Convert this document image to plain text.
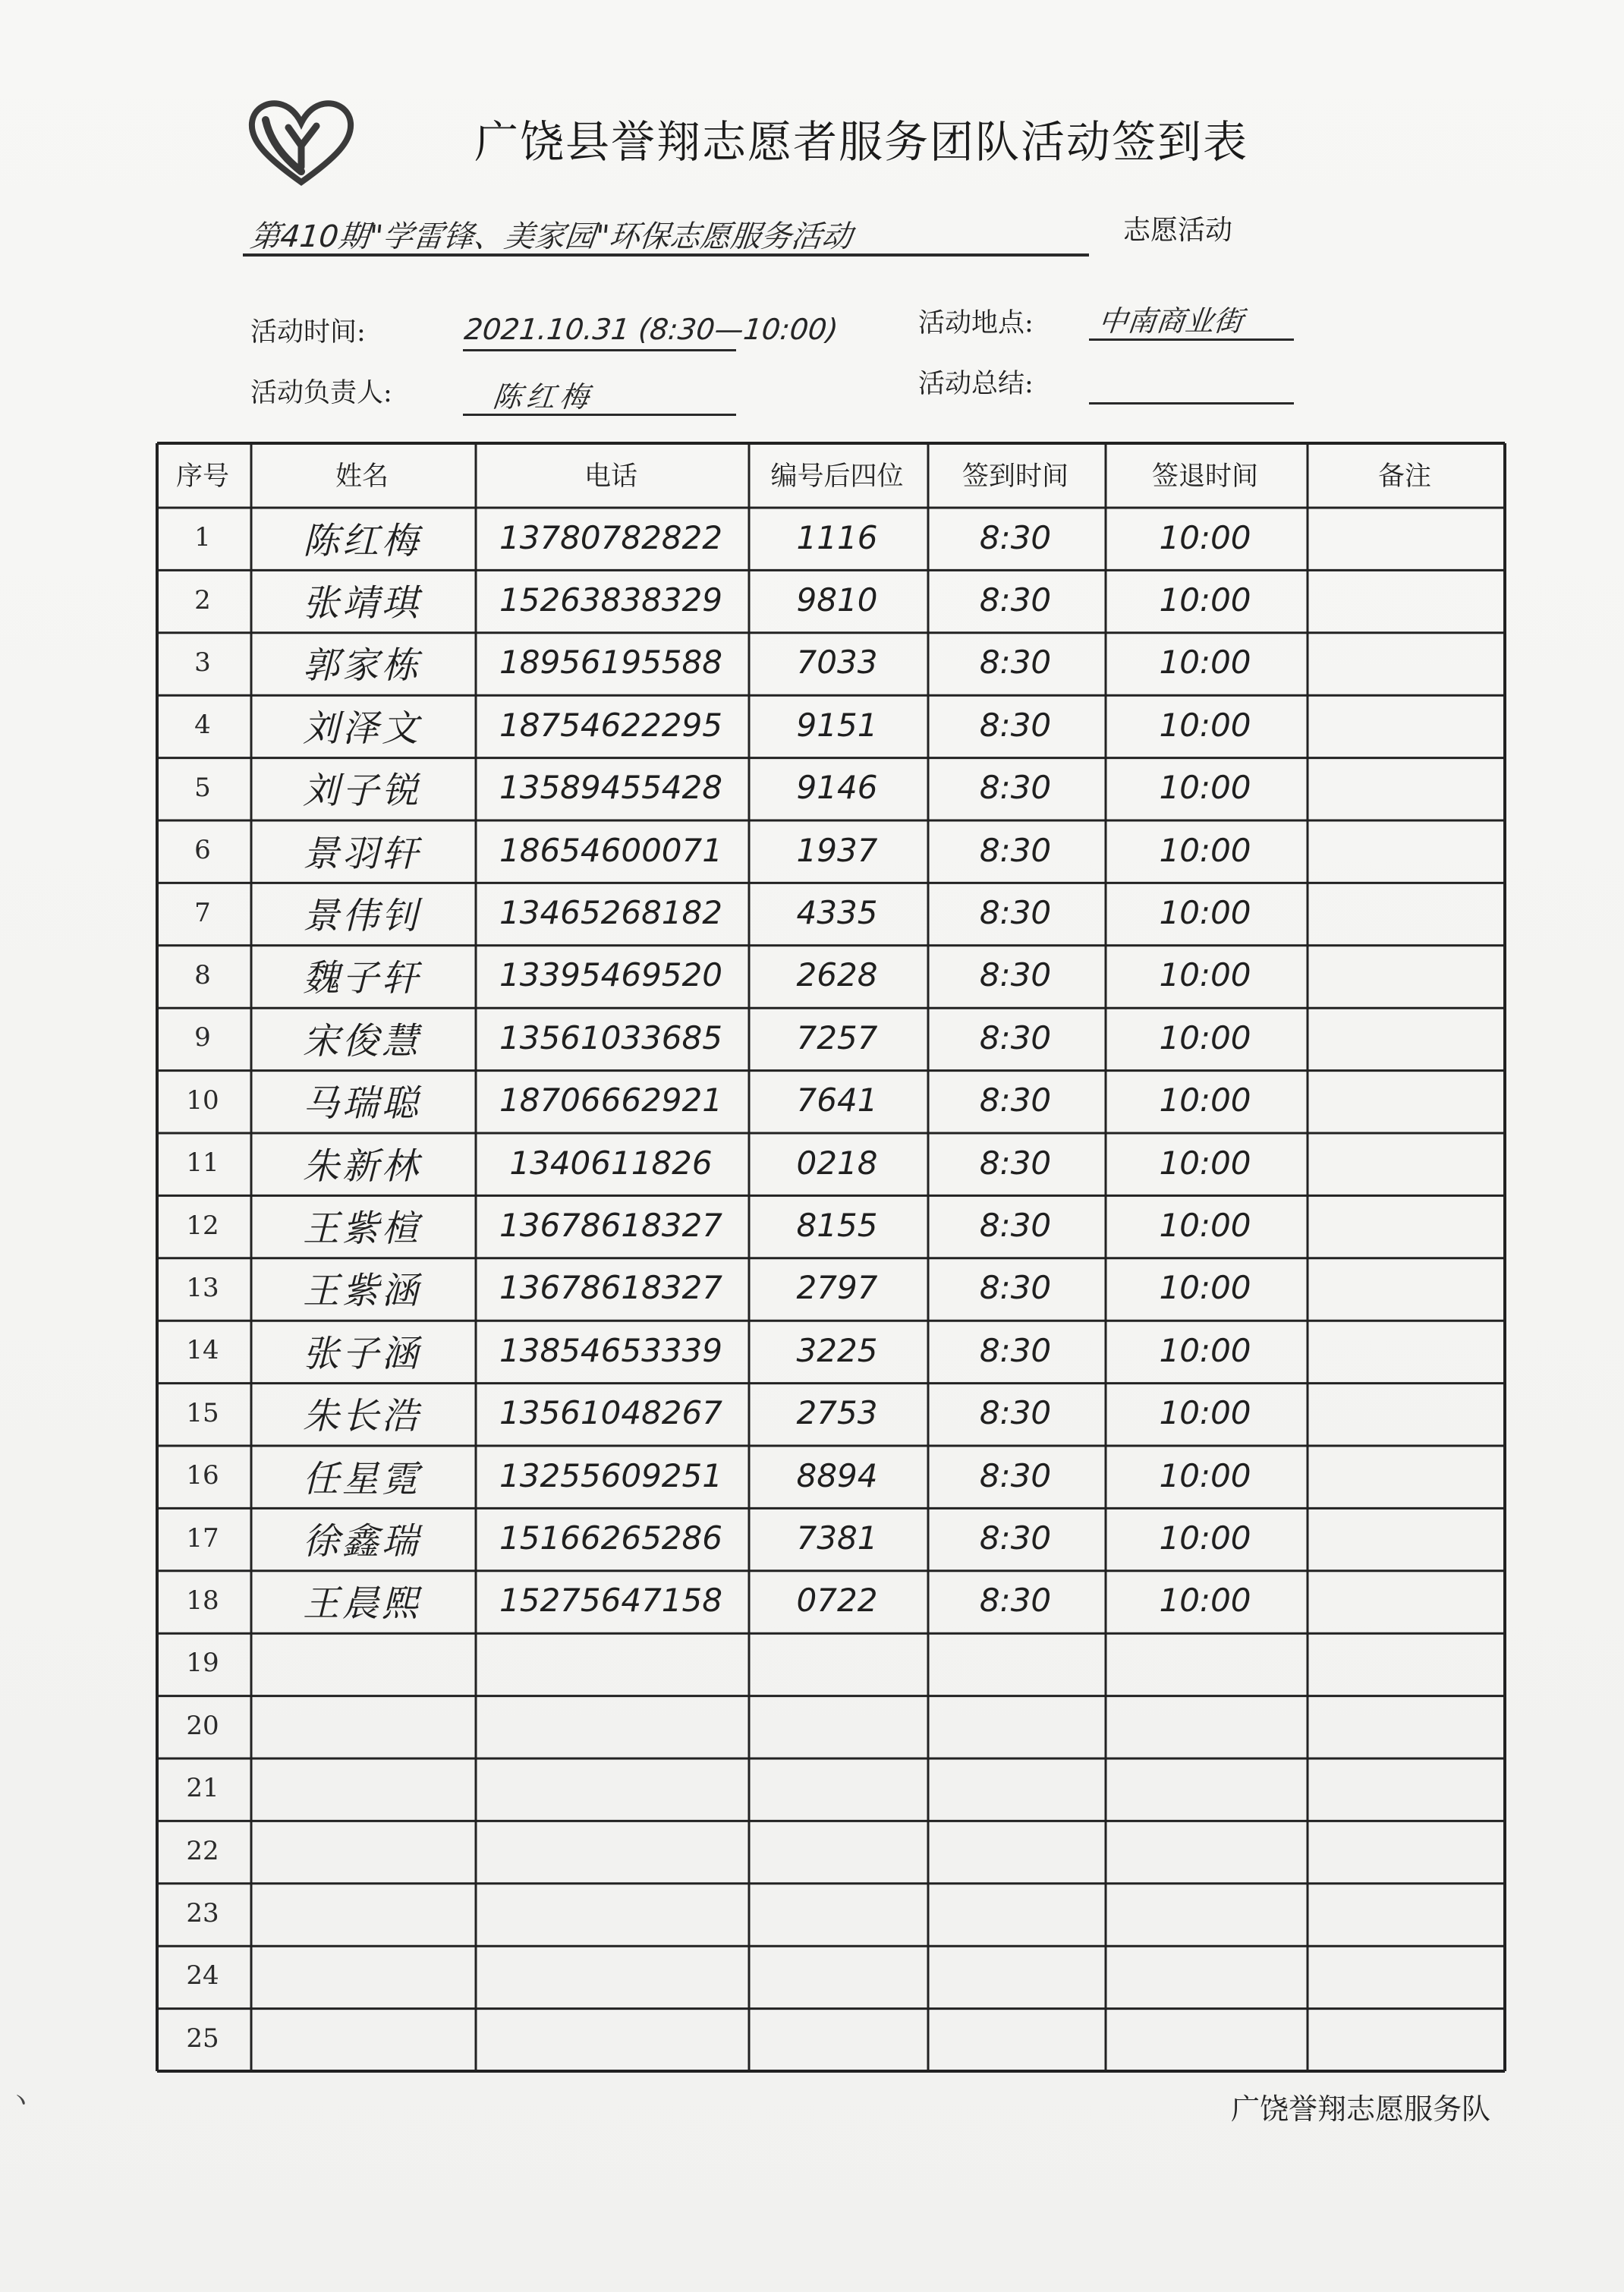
广饶县誉翔志愿者服务团队活动签到表
第410期"学雷锋、美家园"环保志愿服务活动	志愿活动
活动时间:	2021.10.31 (8:30—10:00)	活动地点: 中南商业街
活动负责人:	陈红梅	活动总结:
序号	姓名	电话	编号后四位	签到时间	签退时间	备注
1	陈红梅	13780782822	1116	8:30	10:00
2	张靖琪	15263838329	9810	8:30	10:00
3	郭家栋	18956195588	7033	8:30	10:00
4	刘泽文	18754622295	9151	8:30	10:00
5	刘子锐	13589455428	9146	8:30	10:00
6	景羽轩	18654600071	1937	8:30	10:00
7	景伟钊	13465268182	4335	8:30	10:00
8	魏子轩	13395469520	2628	8:30	10:00
9	宋俊慧	13561033685	7257	8:30	10:00
10	马瑞聪	18706662921	7641	8:30	10:00
11	朱新林	1340611826	0218	8:30	10:00
12	王紫楦	13678618327	8155	8:30	10:00
13	王紫涵	13678618327	2797	8:30	10:00
14	张子涵	13854653339	3225	8:30	10:00
15	朱长浩	13561048267	2753	8:30	10:00
16	任星霓	13255609251	8894	8:30	10:00
17	徐鑫瑞	15166265286	7381	8:30	10:00
18	王晨熙	15275647158	0722	8:30	10:00
19
20
21
22
23
24
25
广饶誉翔志愿服务队
ヽ
